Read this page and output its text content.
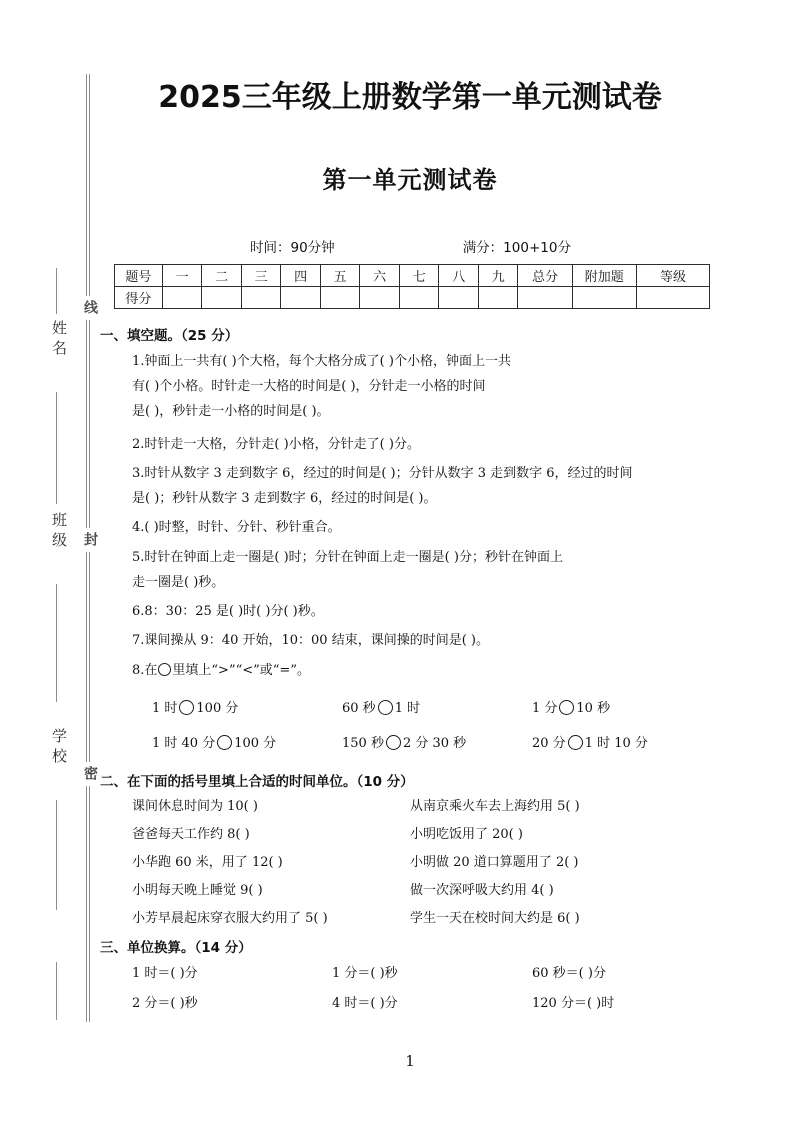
线
封
密
姓名
班级
学校
2025三年级上册数学第一单元测试卷
第一单元测试卷
时间：90分钟	满分：100+10分
题号	一	二	三	四	五	六	七	八	九	总分	附加题	等级
得分												
一、填空题。（25 分）
1.钟面上一共有( )个大格，每个大格分成了( )个小格，钟面上一共
有( )个小格。时针走一大格的时间是( )，分针走一小格的时间
是( )，秒针走一小格的时间是( )。
2.时针走一大格，分针走( )小格，分针走了( )分。
3.时针从数字 3 走到数字 6，经过的时间是( )；分针从数字 3 走到数字 6，经过的时间
是( )；秒针从数字 3 走到数字 6，经过的时间是( )。
4.( )时整，时针、分针、秒针重合。
5.时针在钟面上走一圈是( )时；分针在钟面上走一圈是( )分；秒针在钟面上
走一圈是( )秒。
6.8：30：25 是( )时( )分( )秒。
7.课间操从 9：40 开始，10：00 结束，课间操的时间是( )。
8.在 里填上“>”“<”或“=”。
1 时 100 分	60 秒 1 时	1 分 10 秒
1 时 40 分 100 分	150 秒 2 分 30 秒	20 分 1 时 10 分
二、在下面的括号里填上合适的时间单位。（10 分）
课间休息时间为 10( )	从南京乘火车去上海约用 5( )
爸爸每天工作约 8( )	小明吃饭用了 20( )
小华跑 60 米，用了 12( )	小明做 20 道口算题用了 2( )
小明每天晚上睡觉 9( )	做一次深呼吸大约用 4( )
小芳早晨起床穿衣服大约用了 5( )	学生一天在校时间大约是 6( )
三、单位换算。（14 分）
1 时＝( )分	1 分＝( )秒	60 秒＝( )分
2 分＝( )秒	4 时＝( )分	120 分＝( )时
1
